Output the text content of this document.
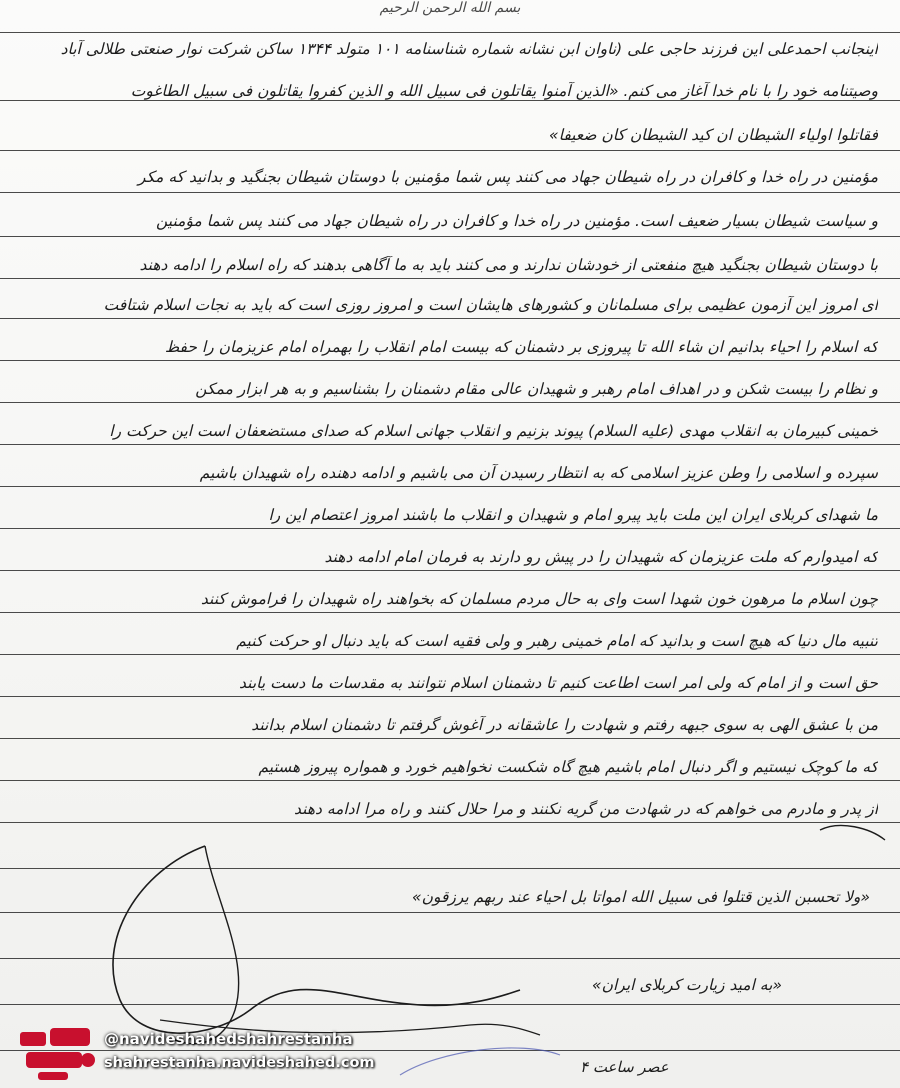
بسم الله الرحمن الرحیم
اینجانب احمدعلی این فرزند حاجی علی (ناوان ابن نشانه شماره شناسنامه ۱۰۱ متولد ۱۳۴۴ ساکن شرکت نوار صنعتی طلالی آباد
وصیتنامه خود را با نام خدا آغاز می کنم. «الذین آمنوا یقاتلون فی سبیل الله و الذین کفروا یقاتلون فی سبیل الطاغوت
فقاتلوا اولیاء الشیطان ان کید الشیطان کان ضعیفا»
مؤمنین در راه خدا و کافران در راه شیطان جهاد می کنند پس شما مؤمنین با دوستان شیطان بجنگید و بدانید که مکر
و سیاست شیطان بسیار ضعیف است. مؤمنین در راه خدا و کافران در راه شیطان جهاد می کنند پس شما مؤمنین
با دوستان شیطان بجنگید هیچ منفعتی از خودشان ندارند و می کنند باید به ما آگاهی بدهند که راه اسلام را ادامه دهند
ای امروز این آزمون عظیمی برای مسلمانان و کشورهای هایشان است و امروز روزی است که باید به نجات اسلام شتافت
که اسلام را احیاء بدانیم ان شاء الله تا پیروزی بر دشمنان که بیست امام انقلاب را بهمراه امام عزیزمان را حفظ
و نظام را بیست شکن و در اهداف امام رهبر و شهیدان عالی مقام دشمنان را بشناسیم و به هر ابزار ممکن
خمینی کبیرمان به انقلاب مهدی (علیه السلام) پیوند بزنیم و انقلاب جهانی اسلام که صدای مستضعفان است این حرکت را
سپرده و اسلامی را وطن عزیز اسلامی که به انتظار رسیدن آن می باشیم و ادامه دهنده راه شهیدان باشیم
ما شهدای کربلای ایران این ملت باید پیرو امام و شهیدان و انقلاب ما باشند امروز اعتصام این را
که امیدوارم که ملت عزیزمان که شهیدان را در پیش رو دارند به فرمان امام ادامه دهند
چون اسلام ما مرهون خون شهدا است وای به حال مردم مسلمان که بخواهند راه شهیدان را فراموش کنند
تنبیه مال دنیا که هیچ است و بدانید که امام خمینی رهبر و ولی فقیه است که باید دنبال او حرکت کنیم
حق است و از امام که ولی امر است اطاعت کنیم تا دشمنان اسلام نتوانند به مقدسات ما دست یابند
من با عشق الهی به سوی جبهه رفتم و شهادت را عاشقانه در آغوش گرفتم تا دشمنان اسلام بدانند
که ما کوچک نیستیم و اگر دنبال امام باشیم هیچ گاه شکست نخواهیم خورد و همواره پیروز هستیم
از پدر و مادرم می خواهم که در شهادت من گریه نکنند و مرا حلال کنند و راه مرا ادامه دهند
«ولا تحسبن الذین قتلوا فی سبیل الله امواتا بل احیاء عند ربهم یرزقون»
«به امید زیارت کربلای ایران»
عصر ساعت ۴
@navideshahedshahrestanha
shahrestanha.navideshahed.com
